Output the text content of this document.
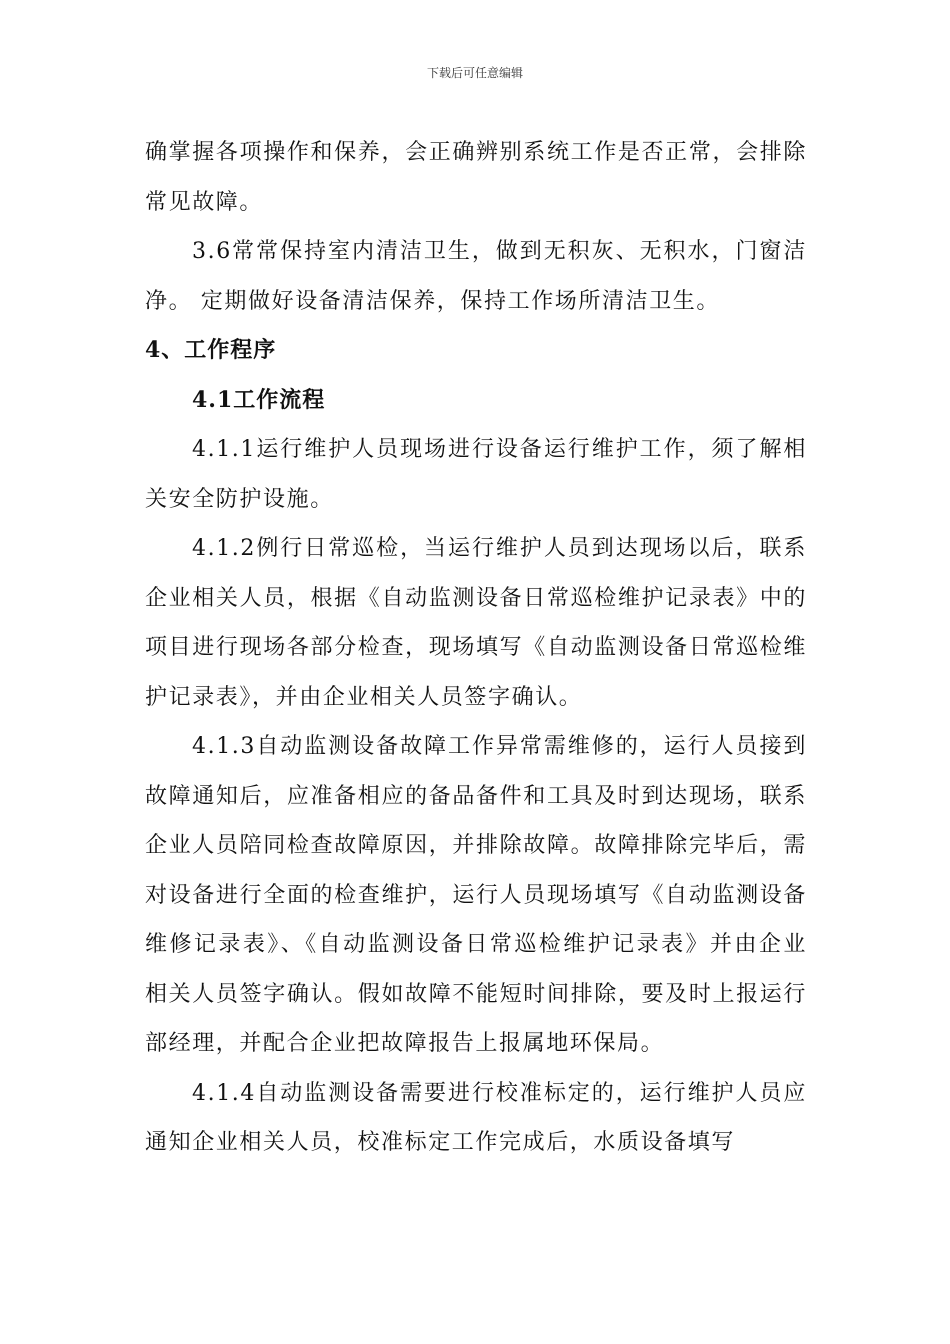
下载后可任意编辑

确掌握各项操作和保养，会正确辨别系统工作是否正常，会排除常见故障。

3.6常常保持室内清洁卫生，做到无积灰、无积水，门窗洁净。 定期做好设备清洁保养，保持工作场所清洁卫生。

4、工作程序

4.1工作流程

4.1.1运行维护人员现场进行设备运行维护工作，须了解相关安全防护设施。

4.1.2例行日常巡检，当运行维护人员到达现场以后，联系企业相关人员，根据《自动监测设备日常巡检维护记录表》中的项目进行现场各部分检查，现场填写《自动监测设备日常巡检维护记录表》，并由企业相关人员签字确认。

4.1.3自动监测设备故障工作异常需维修的，运行人员接到故障通知后，应准备相应的备品备件和工具及时到达现场，联系企业人员陪同检查故障原因，并排除故障。故障排除完毕后，需对设备进行全面的检查维护，运行人员现场填写《自动监测设备维修记录表》、《自动监测设备日常巡检维护记录表》并由企业相关人员签字确认。假如故障不能短时间排除，要及时上报运行部经理，并配合企业把故障报告上报属地环保局。

4.1.4自动监测设备需要进行校准标定的，运行维护人员应通知企业相关人员，校准标定工作完成后，水质设备填写
